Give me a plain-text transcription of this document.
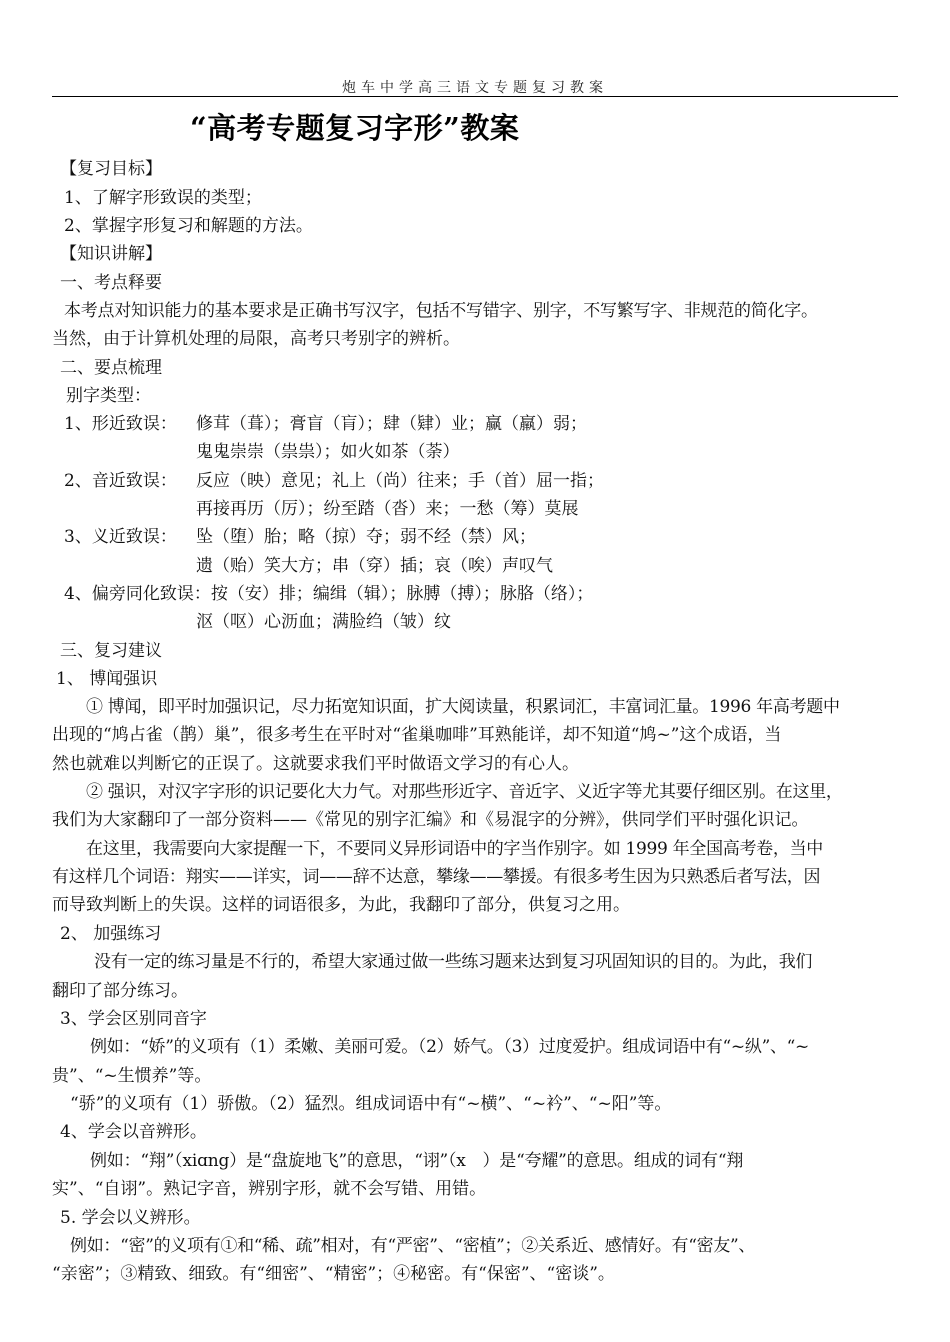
炮车中学高三语文专题复习教案
“高考专题复习字形”教案
【复习目标】
1、了解字形致误的类型；
2、掌握字形复习和解题的方法。
【知识讲解】
一、考点释要
本考点对知识能力的基本要求是正确书写汉字，包括不写错字、别字，不写繁写字、非规范的简化字。
当然，由于计算机处理的局限，高考只考别字的辨析。
二、要点梳理
别字类型：
1、形近致误： 修茸（葺）；膏盲（肓）；肆（肄）业；赢（羸）弱；
鬼鬼崇崇（祟祟）；如火如茶（荼）
2、音近致误： 反应（映）意见；礼上（尚）往来；手（首）屈一指；
再接再历（厉）；纷至踏（沓）来；一愁（筹）莫展
3、义近致误： 坠（堕）胎；略（掠）夺；弱不经（禁）风；
遗（贻）笑大方；串（穿）插；哀（唉）声叹气
4、偏旁同化致误：按（安）排；编缉（辑）；脉膊（搏）；脉胳（络）；
沤（呕）心沥血；满脸绉（皱）纹
三、复习建议
1、 博闻强识
① 博闻，即平时加强识记，尽力拓宽知识面，扩大阅读量，积累词汇，丰富词汇量。1996 年高考题中
出现的“鸠占雀（鹊）巢”，很多考生在平时对“雀巢咖啡”耳熟能详，却不知道“鸠~”这个成语，当
然也就难以判断它的正误了。这就要求我们平时做语文学习的有心人。
② 强识，对汉字字形的识记要化大力气。对那些形近字、音近字、义近字等尤其要仔细区别。在这里，
我们为大家翻印了一部分资料——《常见的别字汇编》和《易混字的分辨》，供同学们平时强化识记。
在这里，我需要向大家提醒一下，不要同义异形词语中的字当作别字。如 1999 年全国高考卷，当中
有这样几个词语：翔实——详实，词——辞不达意，攀缘——攀援。有很多考生因为只熟悉后者写法，因
而导致判断上的失误。这样的词语很多，为此，我翻印了部分，供复习之用。
2、 加强练习
没有一定的练习量是不行的，希望大家通过做一些练习题来达到复习巩固知识的目的。为此，我们
翻印了部分练习。
3、学会区别同音字
例如：“娇”的义项有（1）柔嫩、美丽可爱。（2）娇气。（3）过度爱护。组成词语中有“~纵”、“~
贵”、“~生惯养”等。
“骄”的义项有（1）骄傲。（2）猛烈。组成词语中有“~横”、“~衿”、“~阳”等。
4、学会以音辨形。
例如：“翔”（xiɑng）是“盘旋地飞”的意思，“诩”（x　）是“夸耀”的意思。组成的词有“翔
实”、“自诩”。熟记字音，辨别字形，就不会写错、用错。
5. 学会以义辨形。
例如：“密”的义项有①和“稀、疏”相对，有“严密”、“密植”；②关系近、感情好。有“密友”、
“亲密”；③精致、细致。有“细密”、“精密”；④秘密。有“保密”、“密谈”。
